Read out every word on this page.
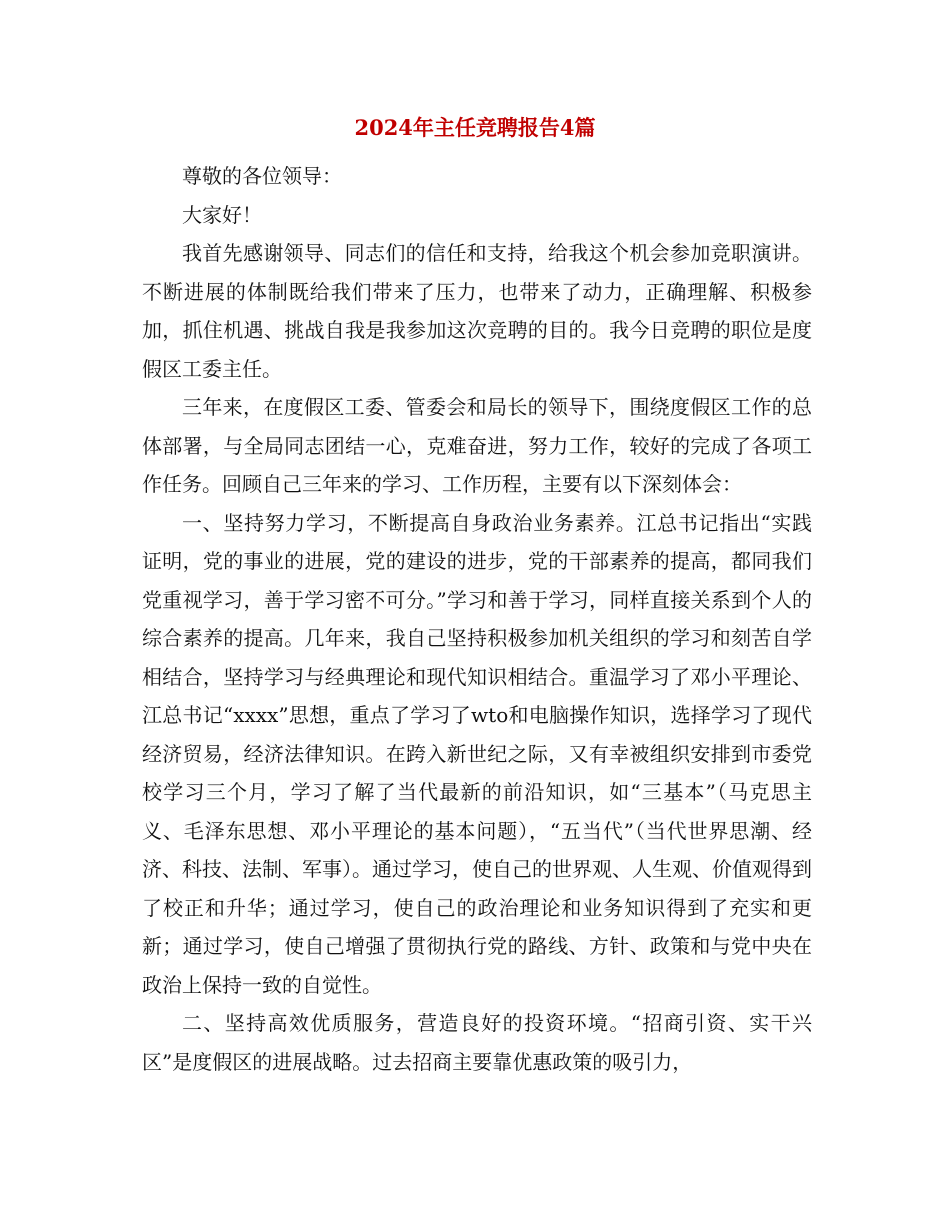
2024年主任竞聘报告4篇

尊敬的各位领导：

大家好！

我首先感谢领导、同志们的信任和支持，给我这个机会参加竞职演讲。不断进展的体制既给我们带来了压力，也带来了动力，正确理解、积极参加，抓住机遇、挑战自我是我参加这次竞聘的目的。我今日竞聘的职位是度假区工委主任。

三年来，在度假区工委、管委会和局长的领导下，围绕度假区工作的总体部署，与全局同志团结一心，克难奋进，努力工作，较好的完成了各项工作任务。回顾自己三年来的学习、工作历程，主要有以下深刻体会：

一、坚持努力学习，不断提高自身政治业务素养。江总书记指出“实践证明，党的事业的进展，党的建设的进步，党的干部素养的提高，都同我们党重视学习，善于学习密不可分。”学习和善于学习，同样直接关系到个人的综合素养的提高。几年来，我自己坚持积极参加机关组织的学习和刻苦自学相结合，坚持学习与经典理论和现代知识相结合。重温学习了邓小平理论、江总书记“xxxx”思想，重点了学习了wto和电脑操作知识，选择学习了现代经济贸易，经济法律知识。在跨入新世纪之际，又有幸被组织安排到市委党校学习三个月，学习了解了当代最新的前沿知识，如“三基本”（马克思主义、毛泽东思想、邓小平理论的基本问题），“五当代”（当代世界思潮、经济、科技、法制、军事）。通过学习，使自己的世界观、人生观、价值观得到了校正和升华；通过学习，使自己的政治理论和业务知识得到了充实和更新；通过学习，使自己增强了贯彻执行党的路线、方针、政策和与党中央在政治上保持一致的自觉性。

二、坚持高效优质服务，营造良好的投资环境。“招商引资、实干兴区”是度假区的进展战略。过去招商主要靠优惠政策的吸引力，
